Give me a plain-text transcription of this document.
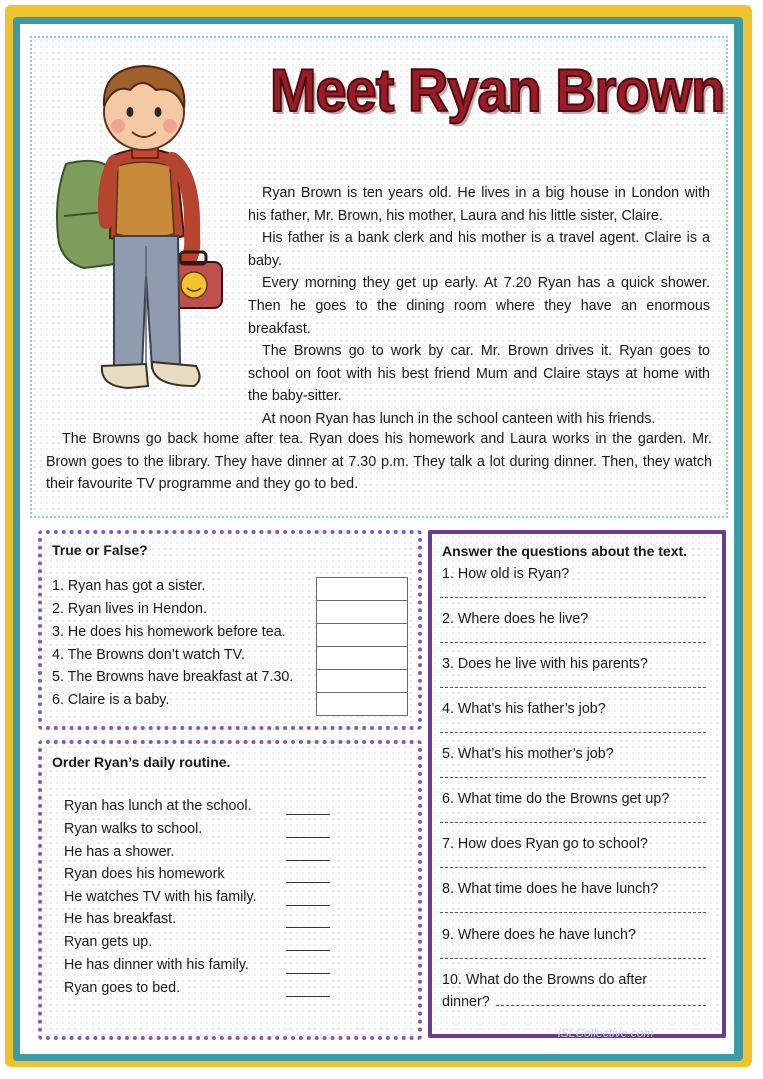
Meet Ryan Brown

Ryan Brown is ten years old. He lives in a big house in London with his father, Mr. Brown, his mother, Laura and his little sister, Claire.

His father is a bank clerk and his mother is a travel agent. Claire is a baby.

Every morning they get up early. At 7.20 Ryan has a quick shower. Then he goes to the dining room where they have an enormous breakfast.

The Browns go to work by car. Mr. Brown drives it. Ryan goes to school on foot with his best friend Mum and Claire stays at home with the baby-sitter.

At noon Ryan has lunch in the school canteen with his friends.

The Browns go back home after tea. Ryan does his homework and Laura works in the garden. Mr. Brown goes to the library. They have dinner at 7.30 p.m. They talk a lot during dinner. Then, they watch their favourite TV programme and they go to bed.

True or False?
1. Ryan has got a sister.
2. Ryan lives in Hendon.
3. He does his homework before tea.
4. The Browns don’t watch TV.
5. The Browns have breakfast at 7.30.
6. Claire is a baby.
Order Ryan’s daily routine.
Ryan has lunch at the school.
Ryan walks to school.
He has a shower.
Ryan does his homework
He watches TV with his family.
He has breakfast.
Ryan gets up.
He has dinner with his family.
Ryan goes to bed.
Answer the questions about the text.
1. How old is Ryan?
2. Where does he live?
3. Does he live with his parents?
4. What’s his father’s job?
5. What’s his mother’s job?
6. What time do the Browns get up?
7. How does Ryan go to school?
8. What time does he have lunch?
9. Where does he have lunch?
10. What do the Browns do after
dinner?
iSLCollective.com
